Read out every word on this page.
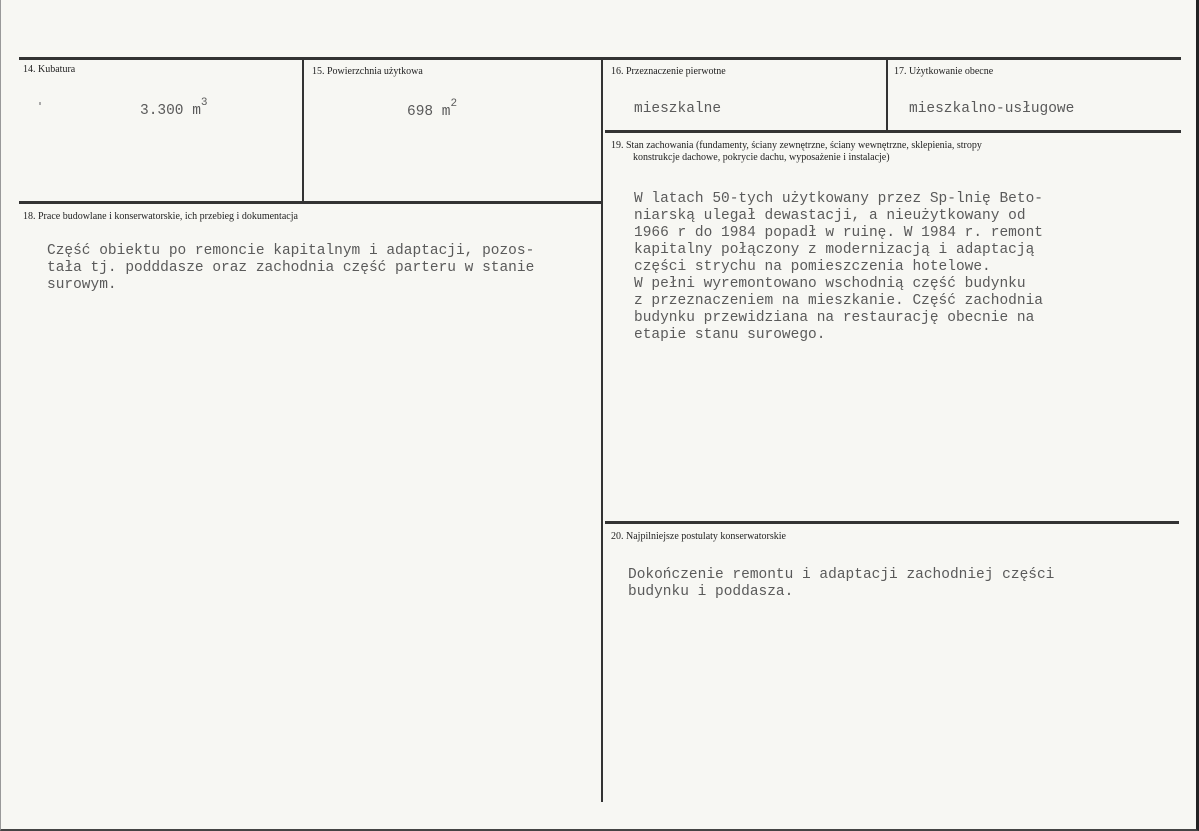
14. Kubatura
3.300 $m^3$
15. Powierzchnia użytkowa
698 $m^2$
16. Przeznaczenie pierwotne
mieszkalne
17. Użytkowanie obecne
mieszkalno-usługowe
18. Prace budowlane i konserwatorskie, ich przebieg i dokumentacja
Część obiektu po remoncie kapitalnym i adaptacji, pozos-
tała tj. podddasze oraz zachodnia część parteru w stanie
surowym.
19. Stan zachowania (fundamenty, ściany zewnętrzne, ściany wewnętrzne, sklepienia, stropy
konstrukcje dachowe, pokrycie dachu, wyposażenie i instalacje)
W latach 50-tych użytkowany przez Sp-lnię Beto-
niarską ulegał dewastacji, a nieużytkowany od
1966 r do 1984 popadł w ruinę. W 1984 r. remont
kapitalny połączony z modernizacją i adaptacją
części strychu na pomieszczenia hotelowe.
W pełni wyremontowano wschodnią część budynku
z przeznaczeniem na mieszkanie. Część zachodnia
budynku przewidziana na restaurację obecnie na
etapie stanu surowego.
20. Najpilniejsze postulaty konserwatorskie
Dokończenie remontu i adaptacji zachodniej części
budynku i poddasza.
